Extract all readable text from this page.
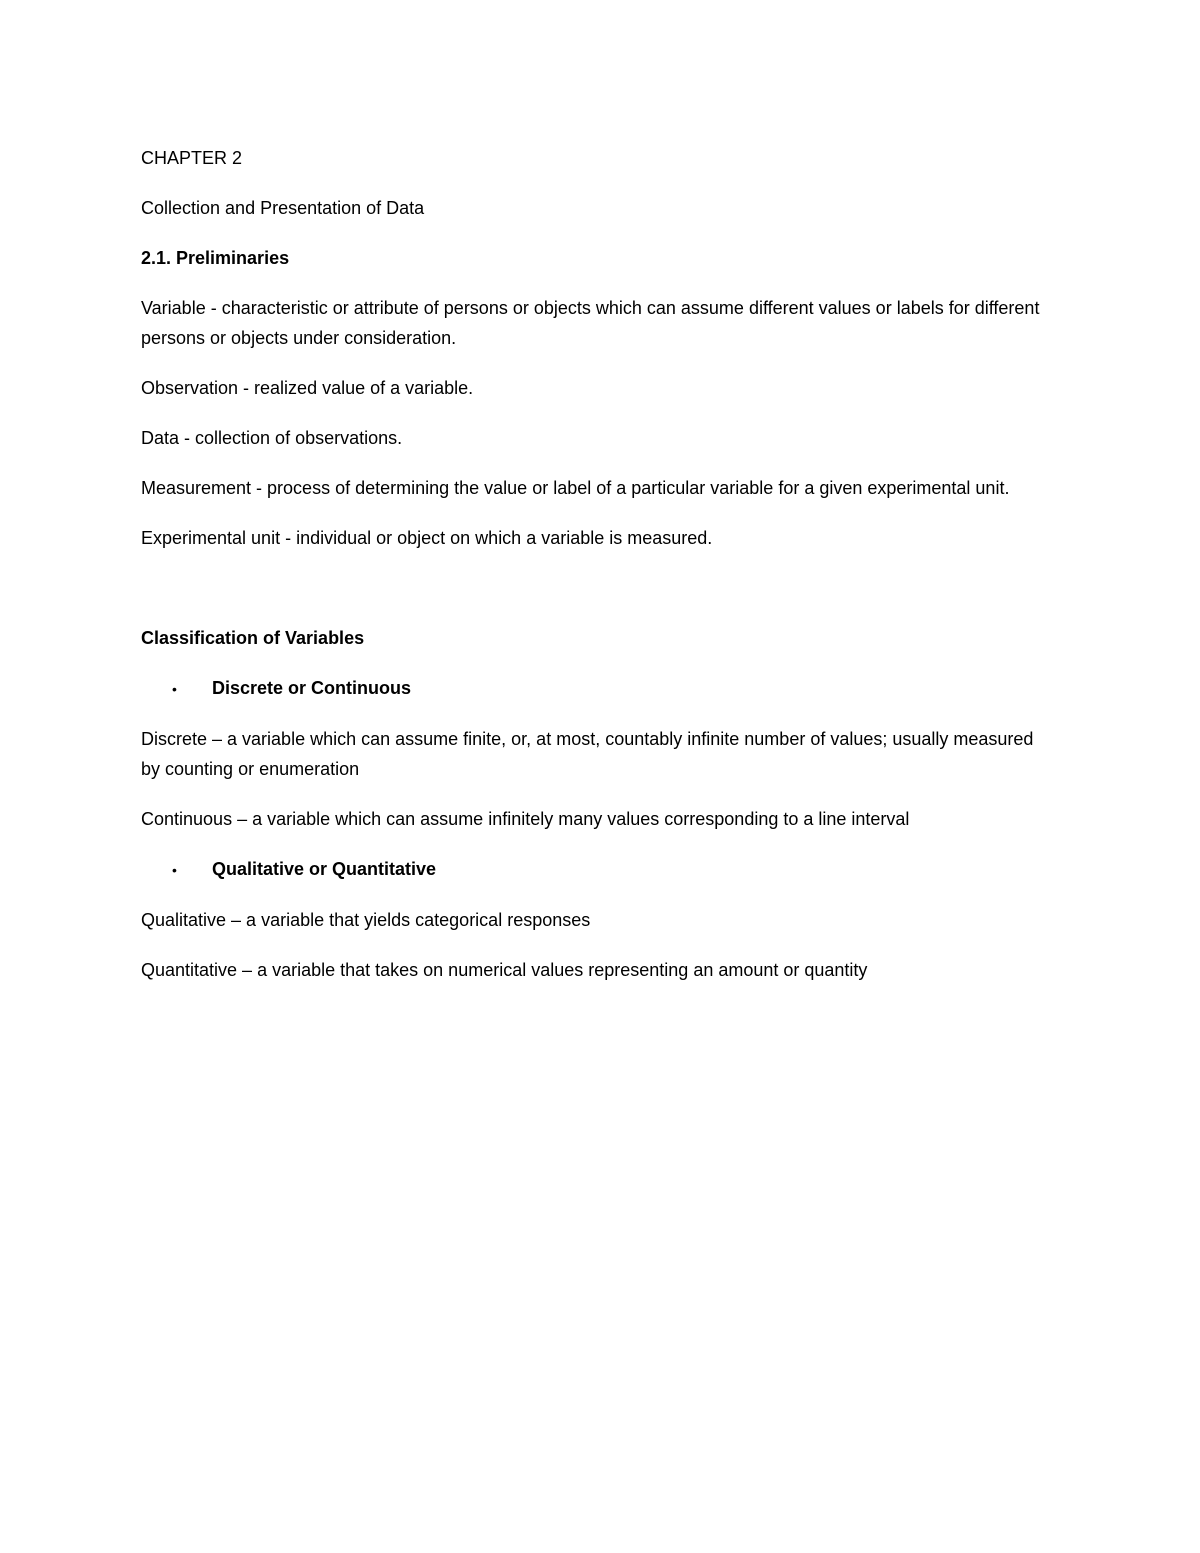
CHAPTER 2

Collection and Presentation of Data

2.1. Preliminaries

Variable - characteristic or attribute of persons or objects which can assume different values or labels for different persons or objects under consideration.

Observation - realized value of a variable.

Data - collection of observations.

Measurement - process of determining the value or label of a particular variable for a given experimental unit.

Experimental unit - individual or object on which a variable is measured.

Classification of Variables

•	Discrete or Continuous

Discrete – a variable which can assume finite, or, at most, countably infinite number of values; usually measured by counting or enumeration

Continuous – a variable which can assume infinitely many values corresponding to a line interval

•	Qualitative or Quantitative

Qualitative – a variable that yields categorical responses

Quantitative – a variable that takes on numerical values representing an amount or quantity
